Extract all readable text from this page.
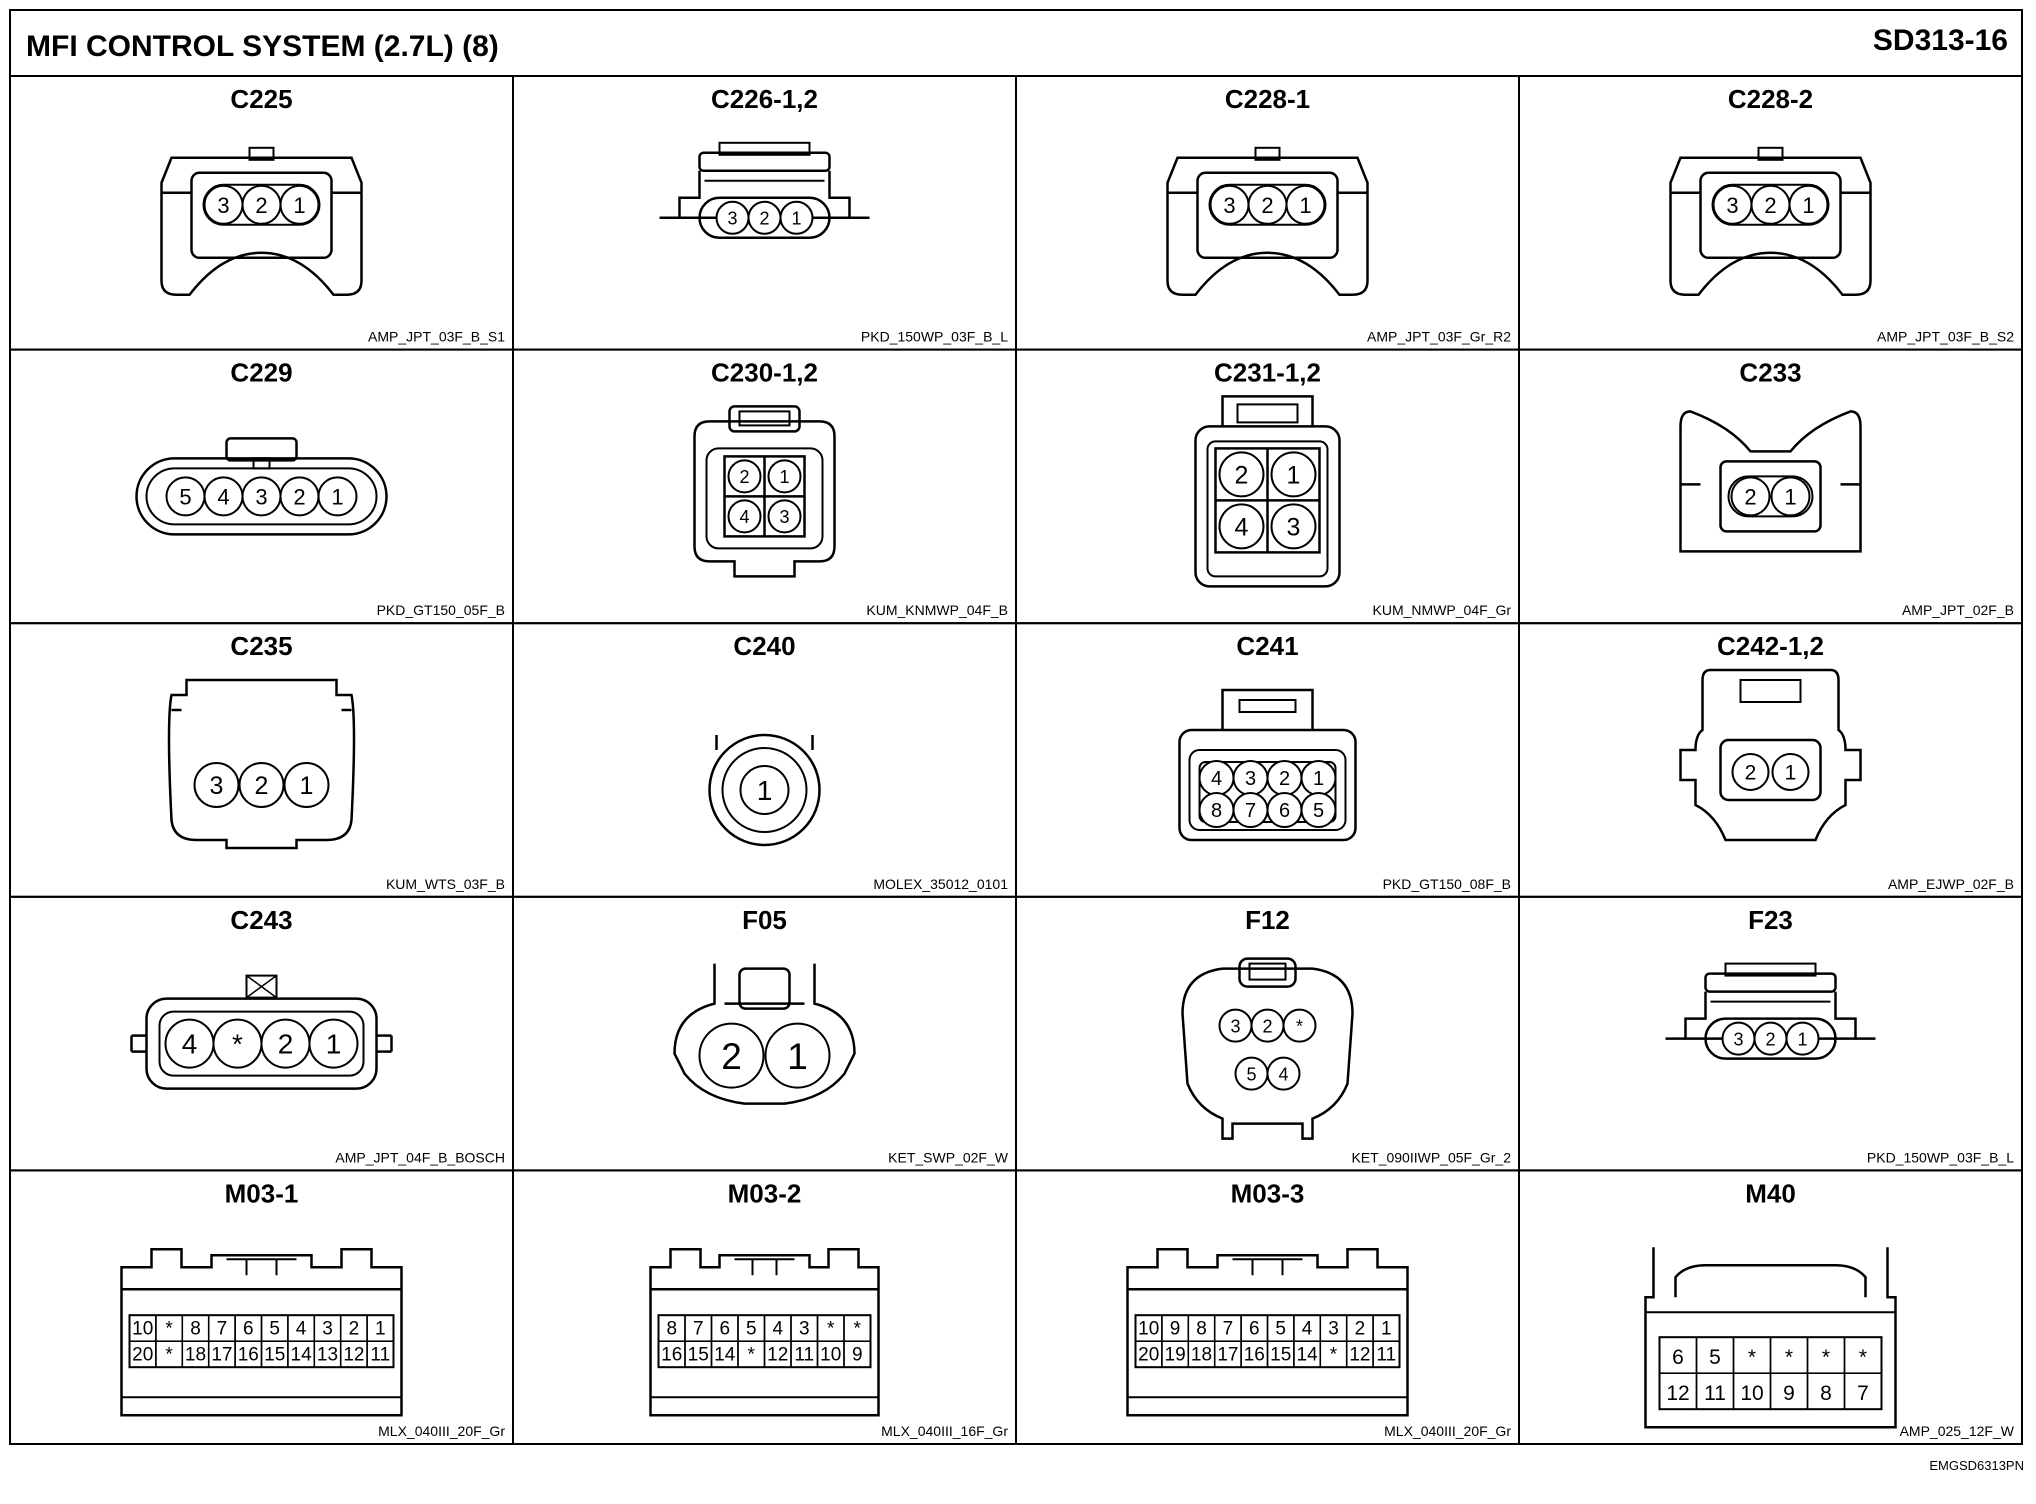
MFI CONTROL SYSTEM (2.7L) (8)	SD313-16
C225
AMP_JPT_03F_B_S1
3 2 1
C226-1,2
PKD_150WP_03F_B_L
3 2 1
C228-1
AMP_JPT_03F_Gr_R2
3 2 1
C228-2
AMP_JPT_03F_B_S2
3 2 1
C229
PKD_GT150_05F_B
5 4 3 2 1
C230-1,2
KUM_KNMWP_04F_B
2 1
4 3
C231-1,2
KUM_NMWP_04F_Gr
2 1
4 3
C233
AMP_JPT_02F_B
2 1
C235
KUM_WTS_03F_B
3 2 1
C240
MOLEX_35012_0101
1
C241
PKD_GT150_08F_B
4 3 2 1
8 7 6 5
C242-1,2
AMP_EJWP_02F_B
2 1
C243
AMP_JPT_04F_B_BOSCH
4 * 2 1
F05
KET_SWP_02F_W
2 1
F12
KET_090IIWP_05F_Gr_2
3 2 *
5 4
F23
PKD_150WP_03F_B_L
3 2 1
M03-1
MLX_040III_20F_Gr
10 * 8 7 6 5 4 3 2 1
20 * 18 17 16 15 14 13 12 11
M03-2
MLX_040III_16F_Gr
8 7 6 5 4 3 * *
16 15 14 * 12 11 10 9
M03-3
MLX_040III_20F_Gr
10 9 8 7 6 5 4 3 2 1
20 19 18 17 16 15 14 * 12 11
M40
AMP_025_12F_W
6 5 * * * *
12 11 10 9 8 7
EMGSD6313PN
